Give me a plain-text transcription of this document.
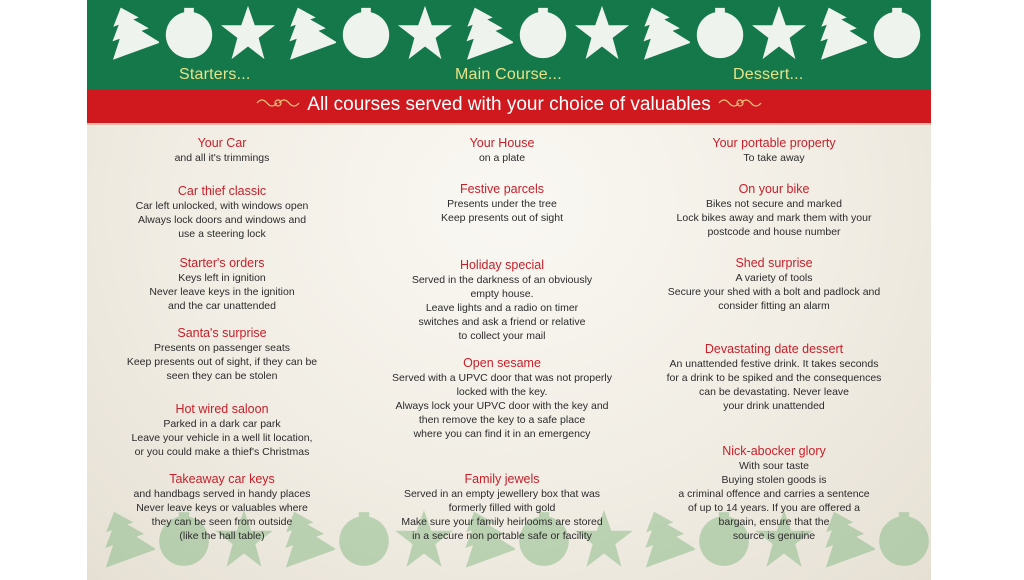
Starters...	Main Course...	Dessert...
All courses served with your choice of valuables
Your Car
and all it's trimmings
Car thief classic
Car left unlocked, with windows open
Always lock doors and windows and
use a steering lock
Starter's orders
Keys left in ignition
Never leave keys in the ignition
and the car unattended
Santa's surprise
Presents on passenger seats
Keep presents out of sight, if they can be
seen they can be stolen
Hot wired saloon
Parked in a dark car park
Leave your vehicle in a well lit location,
or you could make a thief's Christmas
Takeaway car keys
and handbags served in handy places
Never leave keys or valuables where
they can be seen from outside
(like the hall table)
Your House
on a plate
Festive parcels
Presents under the tree
Keep presents out of sight
Holiday special
Served in the darkness of an obviously
empty house.
Leave lights and a radio on timer
switches and ask a friend or relative
to collect your mail
Open sesame
Served with a UPVC door that was not properly
locked with the key.
Always lock your UPVC door with the key and
then remove the key to a safe place
where you can find it in an emergency
Family jewels
Served in an empty jewellery box that was
formerly filled with gold
Make sure your family heirlooms are stored
in a secure non portable safe or facility
Your portable property
To take away
On your bike
Bikes not secure and marked
Lock bikes away and mark them with your
postcode and house number
Shed surprise
A variety of tools
Secure your shed with a bolt and padlock and
consider fitting an alarm
Devastating date dessert
An unattended festive drink. It takes seconds
for a drink to be spiked and the consequences
can be devastating. Never leave
your drink unattended
Nick-abocker glory
With sour taste
Buying stolen goods is
a criminal offence and carries a sentence
of up to 14 years. If you are offered a
bargain, ensure that the
source is genuine
